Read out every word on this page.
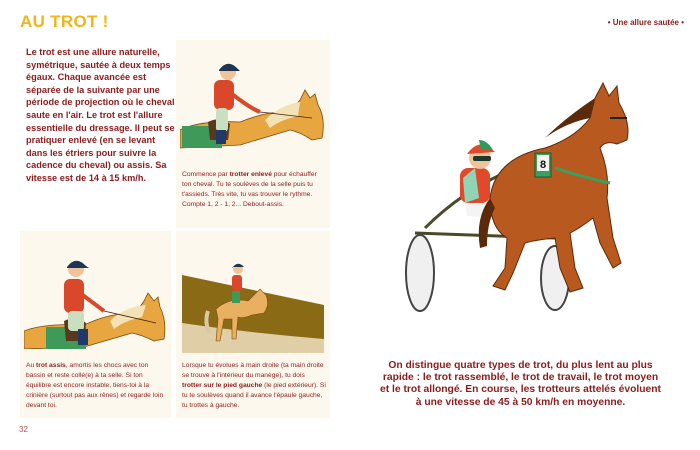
AU TROT !	• Une allure sautée •
Le trot est une allure naturelle, symétrique, sautée à deux temps égaux. Chaque avancée est séparée de la suivante par une période de projection où le cheval saute en l'air. Le trot est l'allure essentielle du dressage. Il peut se pratiquer enlevé (en se levant dans les étriers pour suivre la cadence du cheval) ou assis. Sa vitesse est de 14 à 15 km/h.	Commence par trotter enlevé pour échauffer ton cheval. Tu te soulèves de la selle puis tu t'assieds. Très vite, tu vas trouver le rythme. Compte 1, 2 - 1, 2... Debout-assis.
Au trot assis, amortis les chocs avec ton bassin et reste collé(e) à ta selle. Si ton équilibre est encore instable, tiens-toi à la crinière (surtout pas aux rênes) et regarde loin devant toi.
Lorsque tu évolues à main droite (ta main droite se trouve à l'intérieur du manège), tu dois trotter sur le pied gauche (le pied extérieur). Si tu te soulèves quand il avance l'épaule gauche, tu trottes à gauche.
32
8
On distingue quatre types de trot, du plus lent au plus rapide : le trot rassemblé, le trot de travail, le trot moyen et le trot allongé. En course, les trotteurs attelés évoluent à une vitesse de 45 à 50 km/h en moyenne.
